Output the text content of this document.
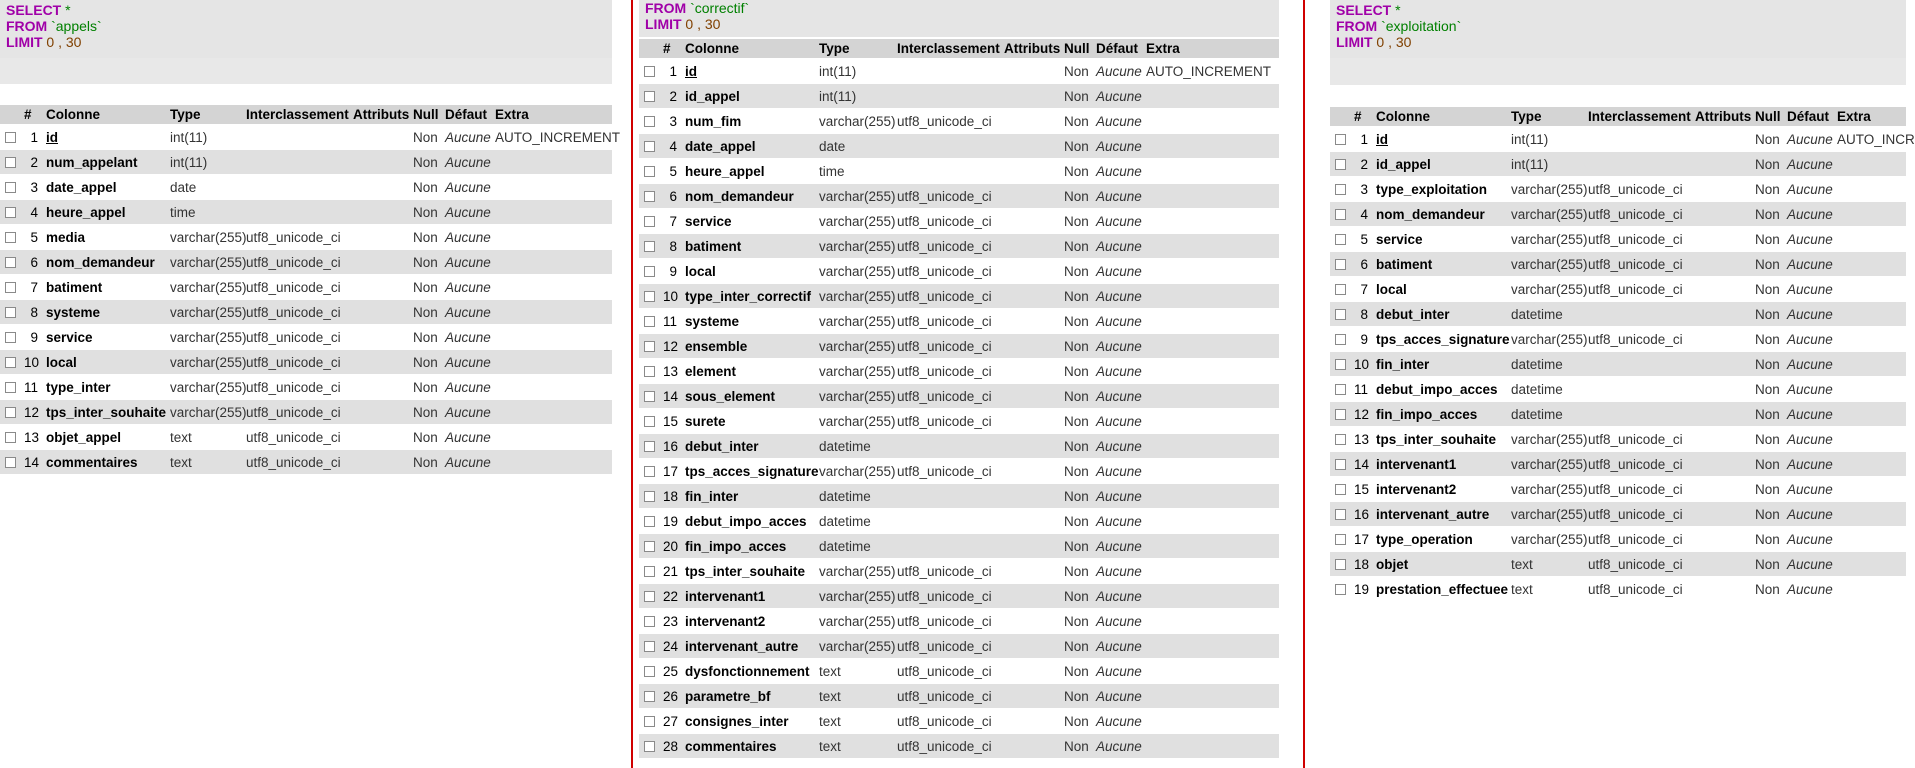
SELECT *
FROM `appels`
LIMIT 0 , 30
	#	Colonne	Type	Interclassement	Attributs	Null	Défaut	Extra
	1	id	int(11)			Non	Aucune	AUTO_INCREMENT
	2	num_appelant	int(11)			Non	Aucune	
	3	date_appel	date			Non	Aucune	
	4	heure_appel	time			Non	Aucune	
	5	media	varchar(255)	utf8_unicode_ci		Non	Aucune	
	6	nom_demandeur	varchar(255)	utf8_unicode_ci		Non	Aucune	
	7	batiment	varchar(255)	utf8_unicode_ci		Non	Aucune	
	8	systeme	varchar(255)	utf8_unicode_ci		Non	Aucune	
	9	service	varchar(255)	utf8_unicode_ci		Non	Aucune	
	10	local	varchar(255)	utf8_unicode_ci		Non	Aucune	
	11	type_inter	varchar(255)	utf8_unicode_ci		Non	Aucune	
	12	tps_inter_souhaite	varchar(255)	utf8_unicode_ci		Non	Aucune	
	13	objet_appel	text	utf8_unicode_ci		Non	Aucune	
	14	commentaires	text	utf8_unicode_ci		Non	Aucune	
FROM `correctif`
LIMIT 0 , 30
	#	Colonne	Type	Interclassement	Attributs	Null	Défaut	Extra
	1	id	int(11)			Non	Aucune	AUTO_INCREMENT
	2	id_appel	int(11)			Non	Aucune	
	3	num_fim	varchar(255)	utf8_unicode_ci		Non	Aucune	
	4	date_appel	date			Non	Aucune	
	5	heure_appel	time			Non	Aucune	
	6	nom_demandeur	varchar(255)	utf8_unicode_ci		Non	Aucune	
	7	service	varchar(255)	utf8_unicode_ci		Non	Aucune	
	8	batiment	varchar(255)	utf8_unicode_ci		Non	Aucune	
	9	local	varchar(255)	utf8_unicode_ci		Non	Aucune	
	10	type_inter_correctif	varchar(255)	utf8_unicode_ci		Non	Aucune	
	11	systeme	varchar(255)	utf8_unicode_ci		Non	Aucune	
	12	ensemble	varchar(255)	utf8_unicode_ci		Non	Aucune	
	13	element	varchar(255)	utf8_unicode_ci		Non	Aucune	
	14	sous_element	varchar(255)	utf8_unicode_ci		Non	Aucune	
	15	surete	varchar(255)	utf8_unicode_ci		Non	Aucune	
	16	debut_inter	datetime			Non	Aucune	
	17	tps_acces_signature	varchar(255)	utf8_unicode_ci		Non	Aucune	
	18	fin_inter	datetime			Non	Aucune	
	19	debut_impo_acces	datetime			Non	Aucune	
	20	fin_impo_acces	datetime			Non	Aucune	
	21	tps_inter_souhaite	varchar(255)	utf8_unicode_ci		Non	Aucune	
	22	intervenant1	varchar(255)	utf8_unicode_ci		Non	Aucune	
	23	intervenant2	varchar(255)	utf8_unicode_ci		Non	Aucune	
	24	intervenant_autre	varchar(255)	utf8_unicode_ci		Non	Aucune	
	25	dysfonctionnement	text	utf8_unicode_ci		Non	Aucune	
	26	parametre_bf	text	utf8_unicode_ci		Non	Aucune	
	27	consignes_inter	text	utf8_unicode_ci		Non	Aucune	
	28	commentaires	text	utf8_unicode_ci		Non	Aucune	
SELECT *
FROM `exploitation`
LIMIT 0 , 30
	#	Colonne	Type	Interclassement	Attributs	Null	Défaut	Extra
	1	id	int(11)			Non	Aucune	AUTO_INCR
	2	id_appel	int(11)			Non	Aucune	
	3	type_exploitation	varchar(255)	utf8_unicode_ci		Non	Aucune	
	4	nom_demandeur	varchar(255)	utf8_unicode_ci		Non	Aucune	
	5	service	varchar(255)	utf8_unicode_ci		Non	Aucune	
	6	batiment	varchar(255)	utf8_unicode_ci		Non	Aucune	
	7	local	varchar(255)	utf8_unicode_ci		Non	Aucune	
	8	debut_inter	datetime			Non	Aucune	
	9	tps_acces_signature	varchar(255)	utf8_unicode_ci		Non	Aucune	
	10	fin_inter	datetime			Non	Aucune	
	11	debut_impo_acces	datetime			Non	Aucune	
	12	fin_impo_acces	datetime			Non	Aucune	
	13	tps_inter_souhaite	varchar(255)	utf8_unicode_ci		Non	Aucune	
	14	intervenant1	varchar(255)	utf8_unicode_ci		Non	Aucune	
	15	intervenant2	varchar(255)	utf8_unicode_ci		Non	Aucune	
	16	intervenant_autre	varchar(255)	utf8_unicode_ci		Non	Aucune	
	17	type_operation	varchar(255)	utf8_unicode_ci		Non	Aucune	
	18	objet	text	utf8_unicode_ci		Non	Aucune	
	19	prestation_effectuee	text	utf8_unicode_ci		Non	Aucune	
